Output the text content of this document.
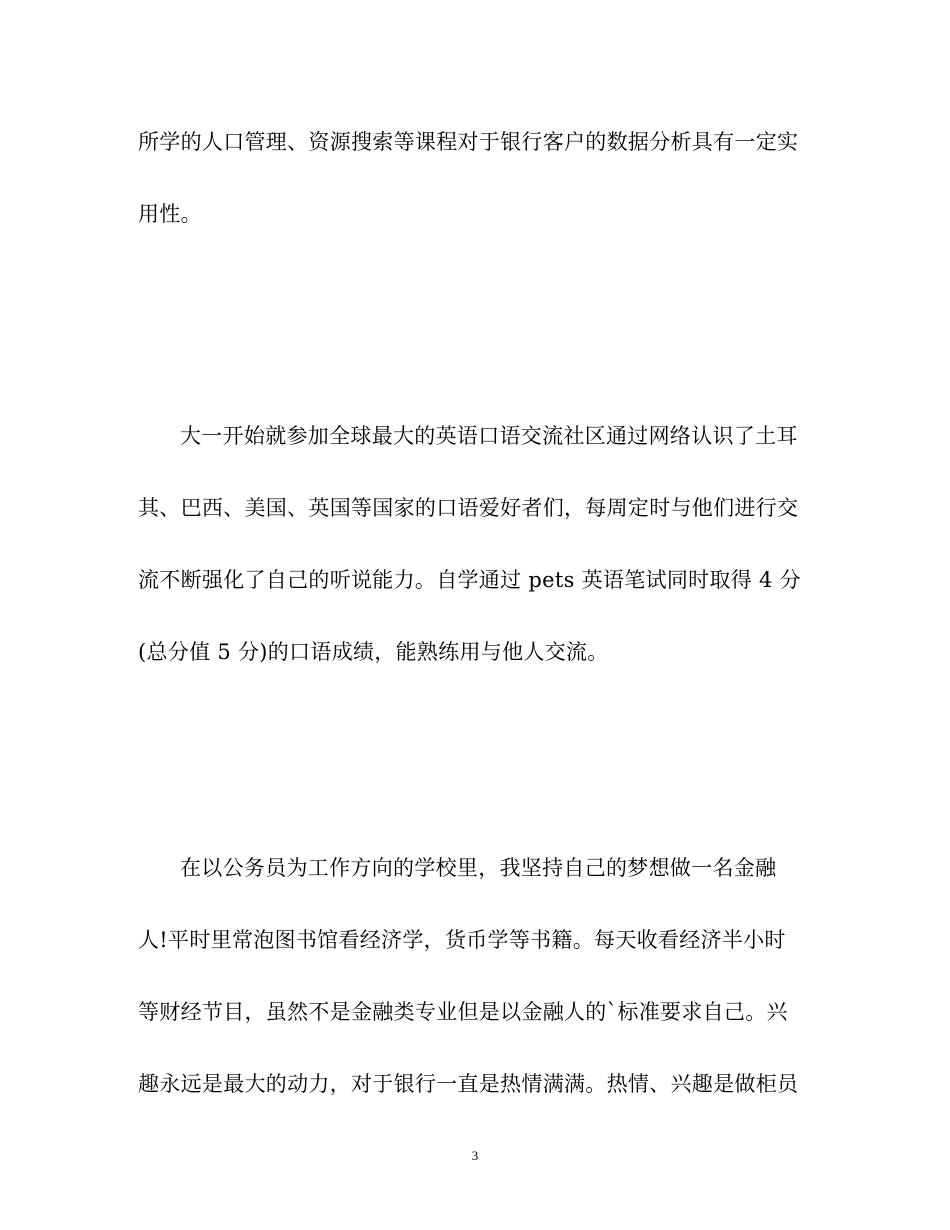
所学的人口管理、资源搜索等课程对于银行客户的数据分析具有一定实
用性。
大一开始就参加全球最大的英语口语交流社区通过网络认识了土耳
其、巴西、美国、英国等国家的口语爱好者们，每周定时与他们进行交
流不断强化了自己的听说能力。自学通过 pets 英语笔试同时取得 4 分
(总分值 5 分)的口语成绩，能熟练用与他人交流。
在以公务员为工作方向的学校里，我坚持自己的梦想做一名金融
人!平时里常泡图书馆看经济学，货币学等书籍。每天收看经济半小时
等财经节目，虽然不是金融类专业但是以金融人的`标准要求自己。兴
趣永远是最大的动力，对于银行一直是热情满满。热情、兴趣是做柜员
3
